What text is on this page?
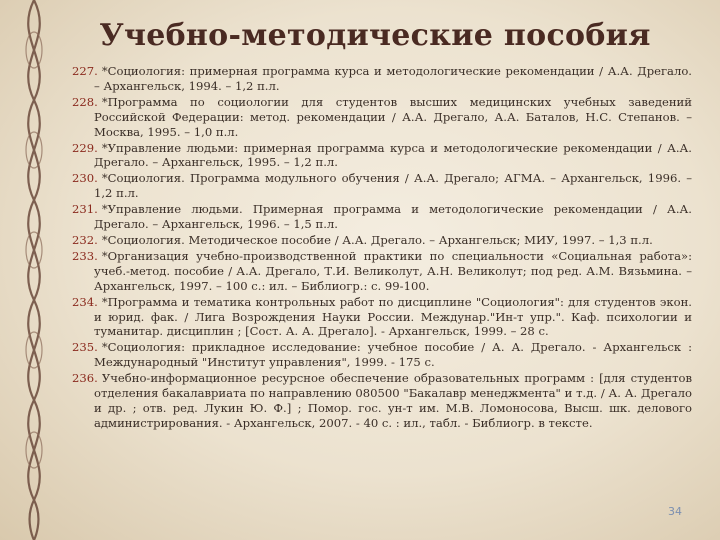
Учебно-методические пособия
227. *Социология: примерная программа курса и методологические рекомендации / А.А. Дрегало. – Архангельск, 1994. – 1,2 п.л.
228. *Программа по социологии для студентов высших медицинских учебных заведений Российской Федерации: метод. рекомендации / А.А. Дрегало, А.А. Баталов, Н.С. Степанов. – Москва, 1995. – 1,0 п.л.
229. *Управление людьми: примерная программа курса и методологические рекомендации / А.А. Дрегало. – Архангельск, 1995. – 1,2 п.л.
230. *Социология. Программа модульного обучения / А.А. Дрегало; АГМА. – Архангельск, 1996. – 1,2 п.л.
231. *Управление людьми. Примерная программа и методологические рекомендации / А.А. Дрегало. – Архангельск, 1996. – 1,5 п.л.
232. *Социология. Методическое пособие / А.А. Дрегало. – Архангельск; МИУ, 1997. – 1,3 п.л.
233. *Организация учебно-производственной практики по специальности «Социальная работа»: учеб.-метод. пособие / А.А. Дрегало, Т.И. Великолут, А.Н. Великолут; под ред. А.М. Вязьмина. – Архангельск, 1997. – 100 с.: ил. – Библиогр.: с. 99-100.
234. *Программа и тематика контрольных работ по дисциплине "Социология": для студентов экон. и юрид. фак. / Лига Возрождения Науки России. Междунар."Ин-т упр.". Каф. психологии и туманитар. дисциплин ; [Сост. А. А. Дрегало]. - Архангельск, 1999. – 28 с.
235. *Социология: прикладное исследование: учебное пособие / А. А. Дрегало. - Архангельск : Международный "Институт управления", 1999. - 175 с.
236. Учебно-информационное ресурсное обеспечение образовательных программ : [для студентов отделения бакалавриата по направлению 080500 "Бакалавр менеджмента" и т.д. / А. А. Дрегало и др. ; отв. ред. Лукин Ю. Ф.] ; Помор. гос. ун-т им. М.В. Ломоносова, Высш. шк. делового администрирования. - Архангельск, 2007. - 40 с. : ил., табл. - Библиогр. в тексте.
34
